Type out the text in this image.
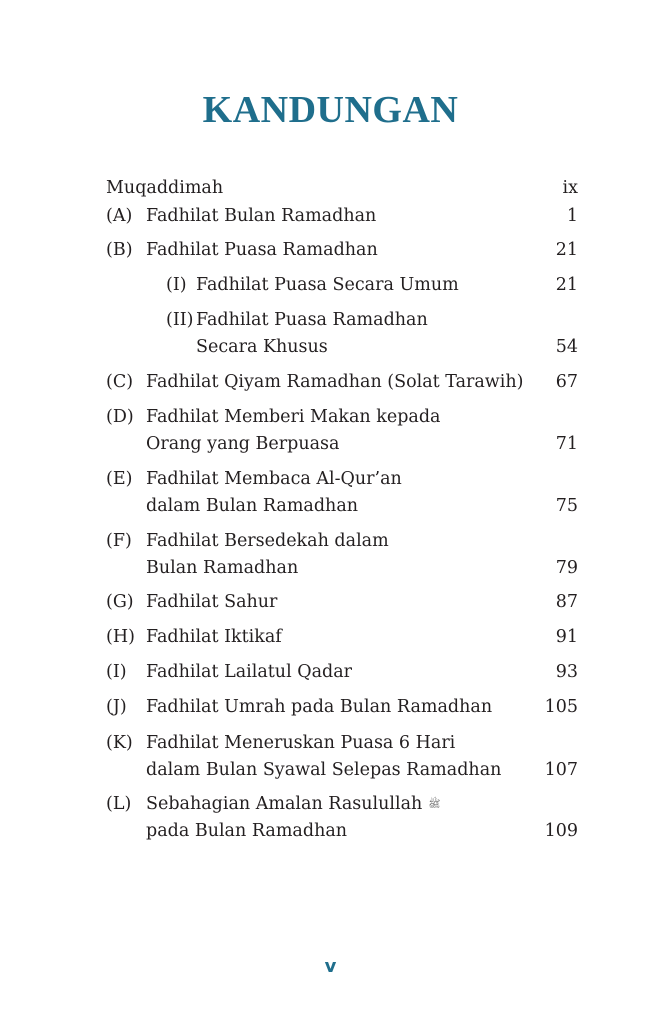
KANDUNGAN
Muqaddimah	ix
(A) Fadhilat Bulan Ramadhan	1
(B) Fadhilat Puasa Ramadhan	21
(I) Fadhilat Puasa Secara Umum	21
(II) Fadhilat Puasa Ramadhan
Secara Khusus	54
(C) Fadhilat Qiyam Ramadhan (Solat Tarawih) 67
(D) Fadhilat Memberi Makan kepada
Orang yang Berpuasa	71
(E) Fadhilat Membaca Al-Qur’an
dalam Bulan Ramadhan	75
(F) Fadhilat Bersedekah dalam
Bulan Ramadhan	79
(G) Fadhilat Sahur	87
(H) Fadhilat Iktikaf	91
(I) Fadhilat Lailatul Qadar	93
(J) Fadhilat Umrah pada Bulan Ramadhan	105
(K) Fadhilat Meneruskan Puasa 6 Hari
dalam Bulan Syawal Selepas Ramadhan 107
(L) Sebahagian Amalan Rasulullah ﷺ
pada Bulan Ramadhan	109
v
